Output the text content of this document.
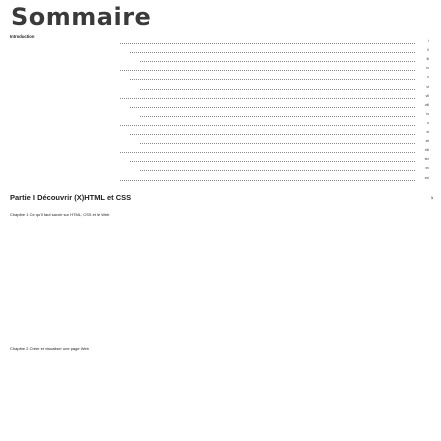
Sommaire
Introduction
i
ii
iii
iv
v
vi
vii
viii
ix
x
xi
xii
xiii
xiv
xv
xvi
Partie I Découvrir (X)HTML et CSS	1
Chapitre 1 Ce qu'il faut savoir sur HTML, CSS et le Web
Chapitre 2 Créer et visualiser une page Web
